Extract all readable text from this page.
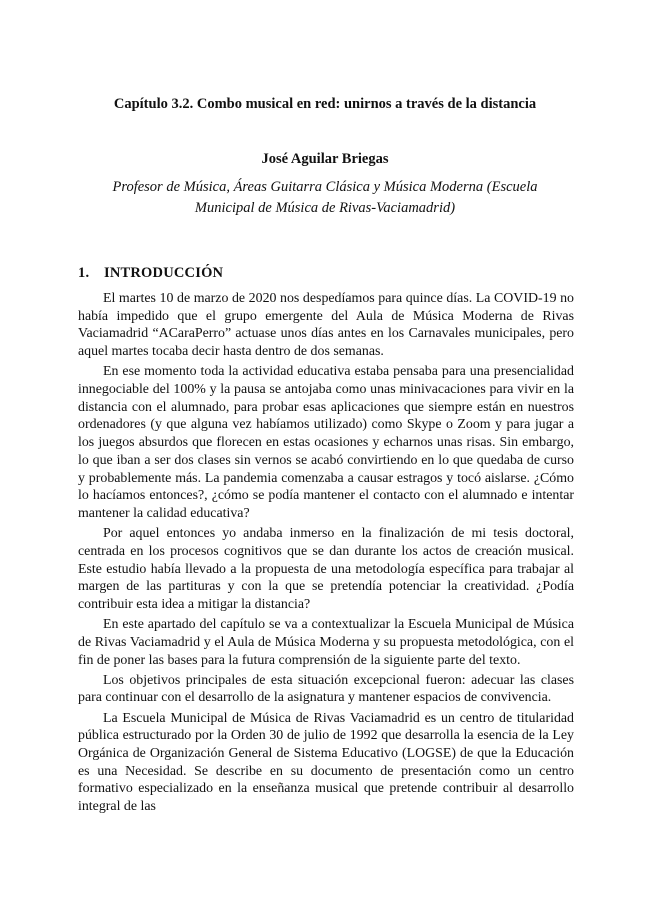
Capítulo 3.2. Combo musical en red: unirnos a través de la distancia

José Aguilar Briegas

Profesor de Música, Áreas Guitarra Clásica y Música Moderna (Escuela Municipal de Música de Rivas-Vaciamadrid)

1. INTRODUCCIÓN

El martes 10 de marzo de 2020 nos despedíamos para quince días. La COVID-19 no había impedido que el grupo emergente del Aula de Música Moderna de Rivas Vaciamadrid “ACaraPerro” actuase unos días antes en los Carnavales municipales, pero aquel martes tocaba decir hasta dentro de dos semanas.

En ese momento toda la actividad educativa estaba pensaba para una presencialidad innegociable del 100% y la pausa se antojaba como unas minivacaciones para vivir en la distancia con el alumnado, para probar esas aplicaciones que siempre están en nuestros ordenadores (y que alguna vez habíamos utilizado) como Skype o Zoom y para jugar a los juegos absurdos que florecen en estas ocasiones y echarnos unas risas. Sin embargo, lo que iban a ser dos clases sin vernos se acabó convirtiendo en lo que quedaba de curso y probablemente más. La pandemia comenzaba a causar estragos y tocó aislarse. ¿Cómo lo hacíamos entonces?, ¿cómo se podía mantener el contacto con el alumnado e intentar mantener la calidad educativa?

Por aquel entonces yo andaba inmerso en la finalización de mi tesis doctoral, centrada en los procesos cognitivos que se dan durante los actos de creación musical. Este estudio había llevado a la propuesta de una metodología específica para trabajar al margen de las partituras y con la que se pretendía potenciar la creatividad. ¿Podía contribuir esta idea a mitigar la distancia?

En este apartado del capítulo se va a contextualizar la Escuela Municipal de Música de Rivas Vaciamadrid y el Aula de Música Moderna y su propuesta metodológica, con el fin de poner las bases para la futura comprensión de la siguiente parte del texto.

Los objetivos principales de esta situación excepcional fueron: adecuar las clases para continuar con el desarrollo de la asignatura y mantener espacios de convivencia.

La Escuela Municipal de Música de Rivas Vaciamadrid es un centro de titularidad pública estructurado por la Orden 30 de julio de 1992 que desarrolla la esencia de la Ley Orgánica de Organización General de Sistema Educativo (LOGSE) de que la Educación es una Necesidad. Se describe en su documento de presentación como un centro formativo especializado en la enseñanza musical que pretende contribuir al desarrollo integral de las
